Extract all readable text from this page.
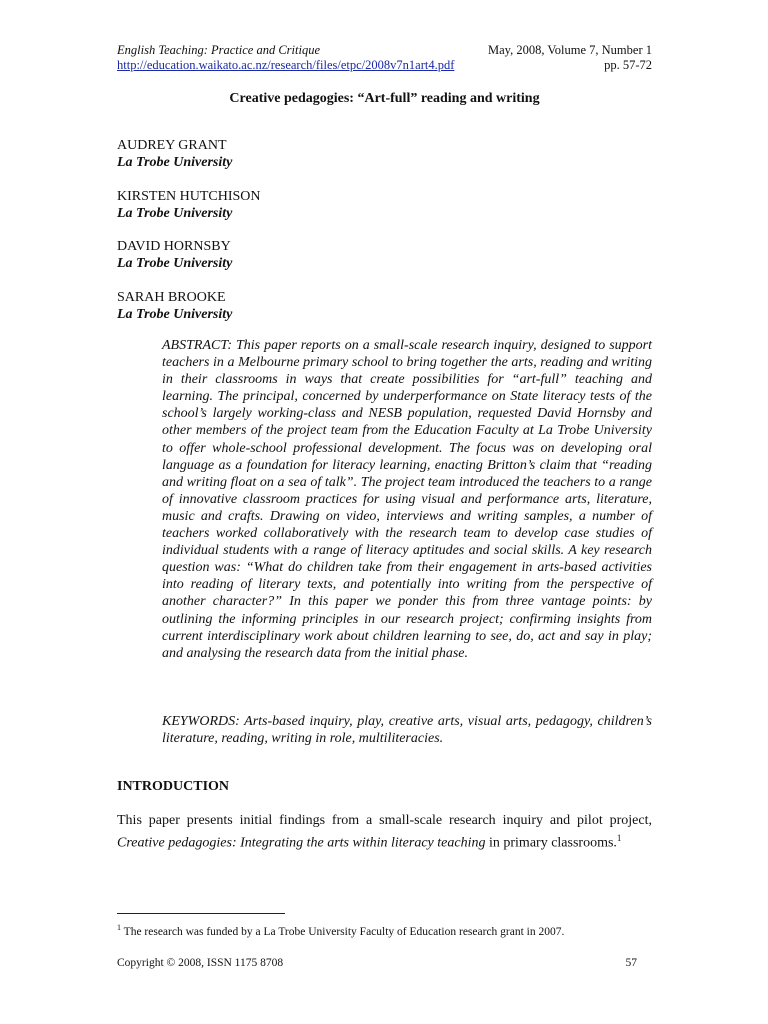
English Teaching: Practice and Critique	May, 2008, Volume 7, Number 1
http://education.waikato.ac.nz/research/files/etpc/2008v7n1art4.pdf	pp. 57-72
Creative pedagogies: “Art-full” reading and writing
AUDREY GRANT
La Trobe University
KIRSTEN HUTCHISON
La Trobe University
DAVID HORNSBY
La Trobe University
SARAH BROOKE
La Trobe University

ABSTRACT: This paper reports on a small-scale research inquiry, designed to support teachers in a Melbourne primary school to bring together the arts, reading and writing in their classrooms in ways that create possibilities for “art-full” teaching and learning. The principal, concerned by underperformance on State literacy tests of the school’s largely working-class and NESB population, requested David Hornsby and other members of the project team from the Education Faculty at La Trobe University to offer whole-school professional development. The focus was on developing oral language as a foundation for literacy learning, enacting Britton’s claim that “reading and writing float on a sea of talk”. The project team introduced the teachers to a range of innovative classroom practices for using visual and performance arts, literature, music and crafts. Drawing on video, interviews and writing samples, a number of teachers worked collaboratively with the research team to develop case studies of individual students with a range of literacy aptitudes and social skills. A key research question was: “What do children take from their engagement in arts-based activities into reading of literary texts, and potentially into writing from the perspective of another character?” In this paper we ponder this from three vantage points: by outlining the informing principles in our research project; confirming insights from current interdisciplinary work about children learning to see, do, act and say in play; and analysing the research data from the initial phase.

KEYWORDS: Arts-based inquiry, play, creative arts, visual arts, pedagogy, children’s literature, reading, writing in role, multiliteracies.

INTRODUCTION
This paper presents initial findings from a small-scale research inquiry and pilot project, Creative pedagogies: Integrating the arts within literacy teaching in primary classrooms.$^1$
$^1$ The research was funded by a La Trobe University Faculty of Education research grant in 2007.
Copyright © 2008, ISSN 1175 8708	57
